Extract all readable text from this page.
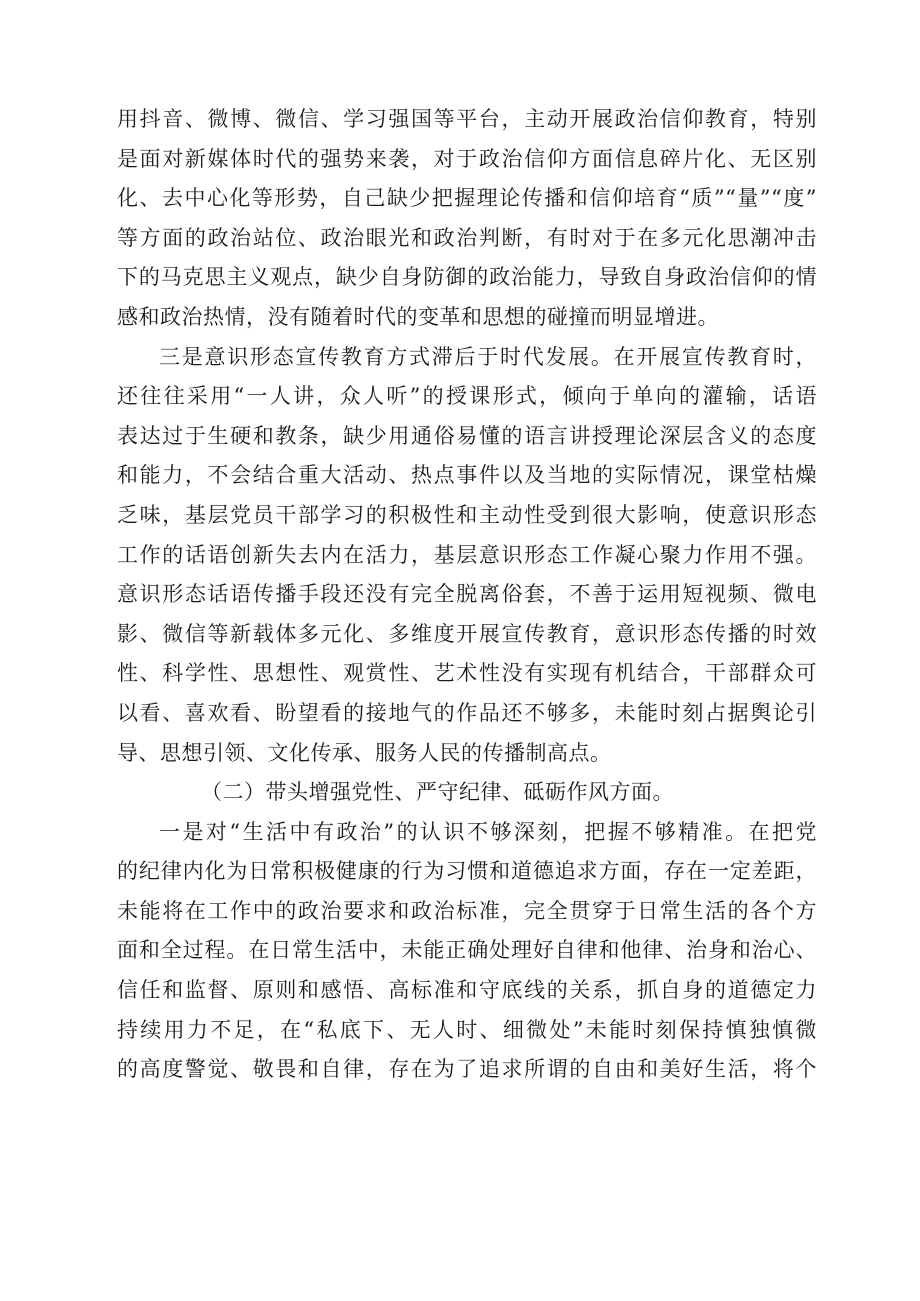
用抖音、微博、微信、学习强国等平台，主动开展政治信仰教育，特别
是面对新媒体时代的强势来袭，对于政治信仰方面信息碎片化、无区别
化、去中心化等形势，自己缺少把握理论传播和信仰培育“质”“量”“度”
等方面的政治站位、政治眼光和政治判断，有时对于在多元化思潮冲击
下的马克思主义观点，缺少自身防御的政治能力，导致自身政治信仰的情
感和政治热情，没有随着时代的变革和思想的碰撞而明显增进。
三是意识形态宣传教育方式滞后于时代发展。在开展宣传教育时，
还往往采用“一人讲，众人听”的授课形式，倾向于单向的灌输，话语
表达过于生硬和教条，缺少用通俗易懂的语言讲授理论深层含义的态度
和能力，不会结合重大活动、热点事件以及当地的实际情况，课堂枯燥
乏味，基层党员干部学习的积极性和主动性受到很大影响，使意识形态
工作的话语创新失去内在活力，基层意识形态工作凝心聚力作用不强。
意识形态话语传播手段还没有完全脱离俗套，不善于运用短视频、微电
影、微信等新载体多元化、多维度开展宣传教育，意识形态传播的时效
性、科学性、思想性、观赏性、艺术性没有实现有机结合，干部群众可
以看、喜欢看、盼望看的接地气的作品还不够多，未能时刻占据舆论引
导、思想引领、文化传承、服务人民的传播制高点。
（二）带头增强党性、严守纪律、砥砺作风方面。
一是对“生活中有政治”的认识不够深刻，把握不够精准。在把党
的纪律内化为日常积极健康的行为习惯和道德追求方面，存在一定差距，
未能将在工作中的政治要求和政治标准，完全贯穿于日常生活的各个方
面和全过程。在日常生活中，未能正确处理好自律和他律、治身和治心、
信任和监督、原则和感悟、高标准和守底线的关系，抓自身的道德定力
持续用力不足，在“私底下、无人时、细微处”未能时刻保持慎独慎微
的高度警觉、敬畏和自律，存在为了追求所谓的自由和美好生活，将个
